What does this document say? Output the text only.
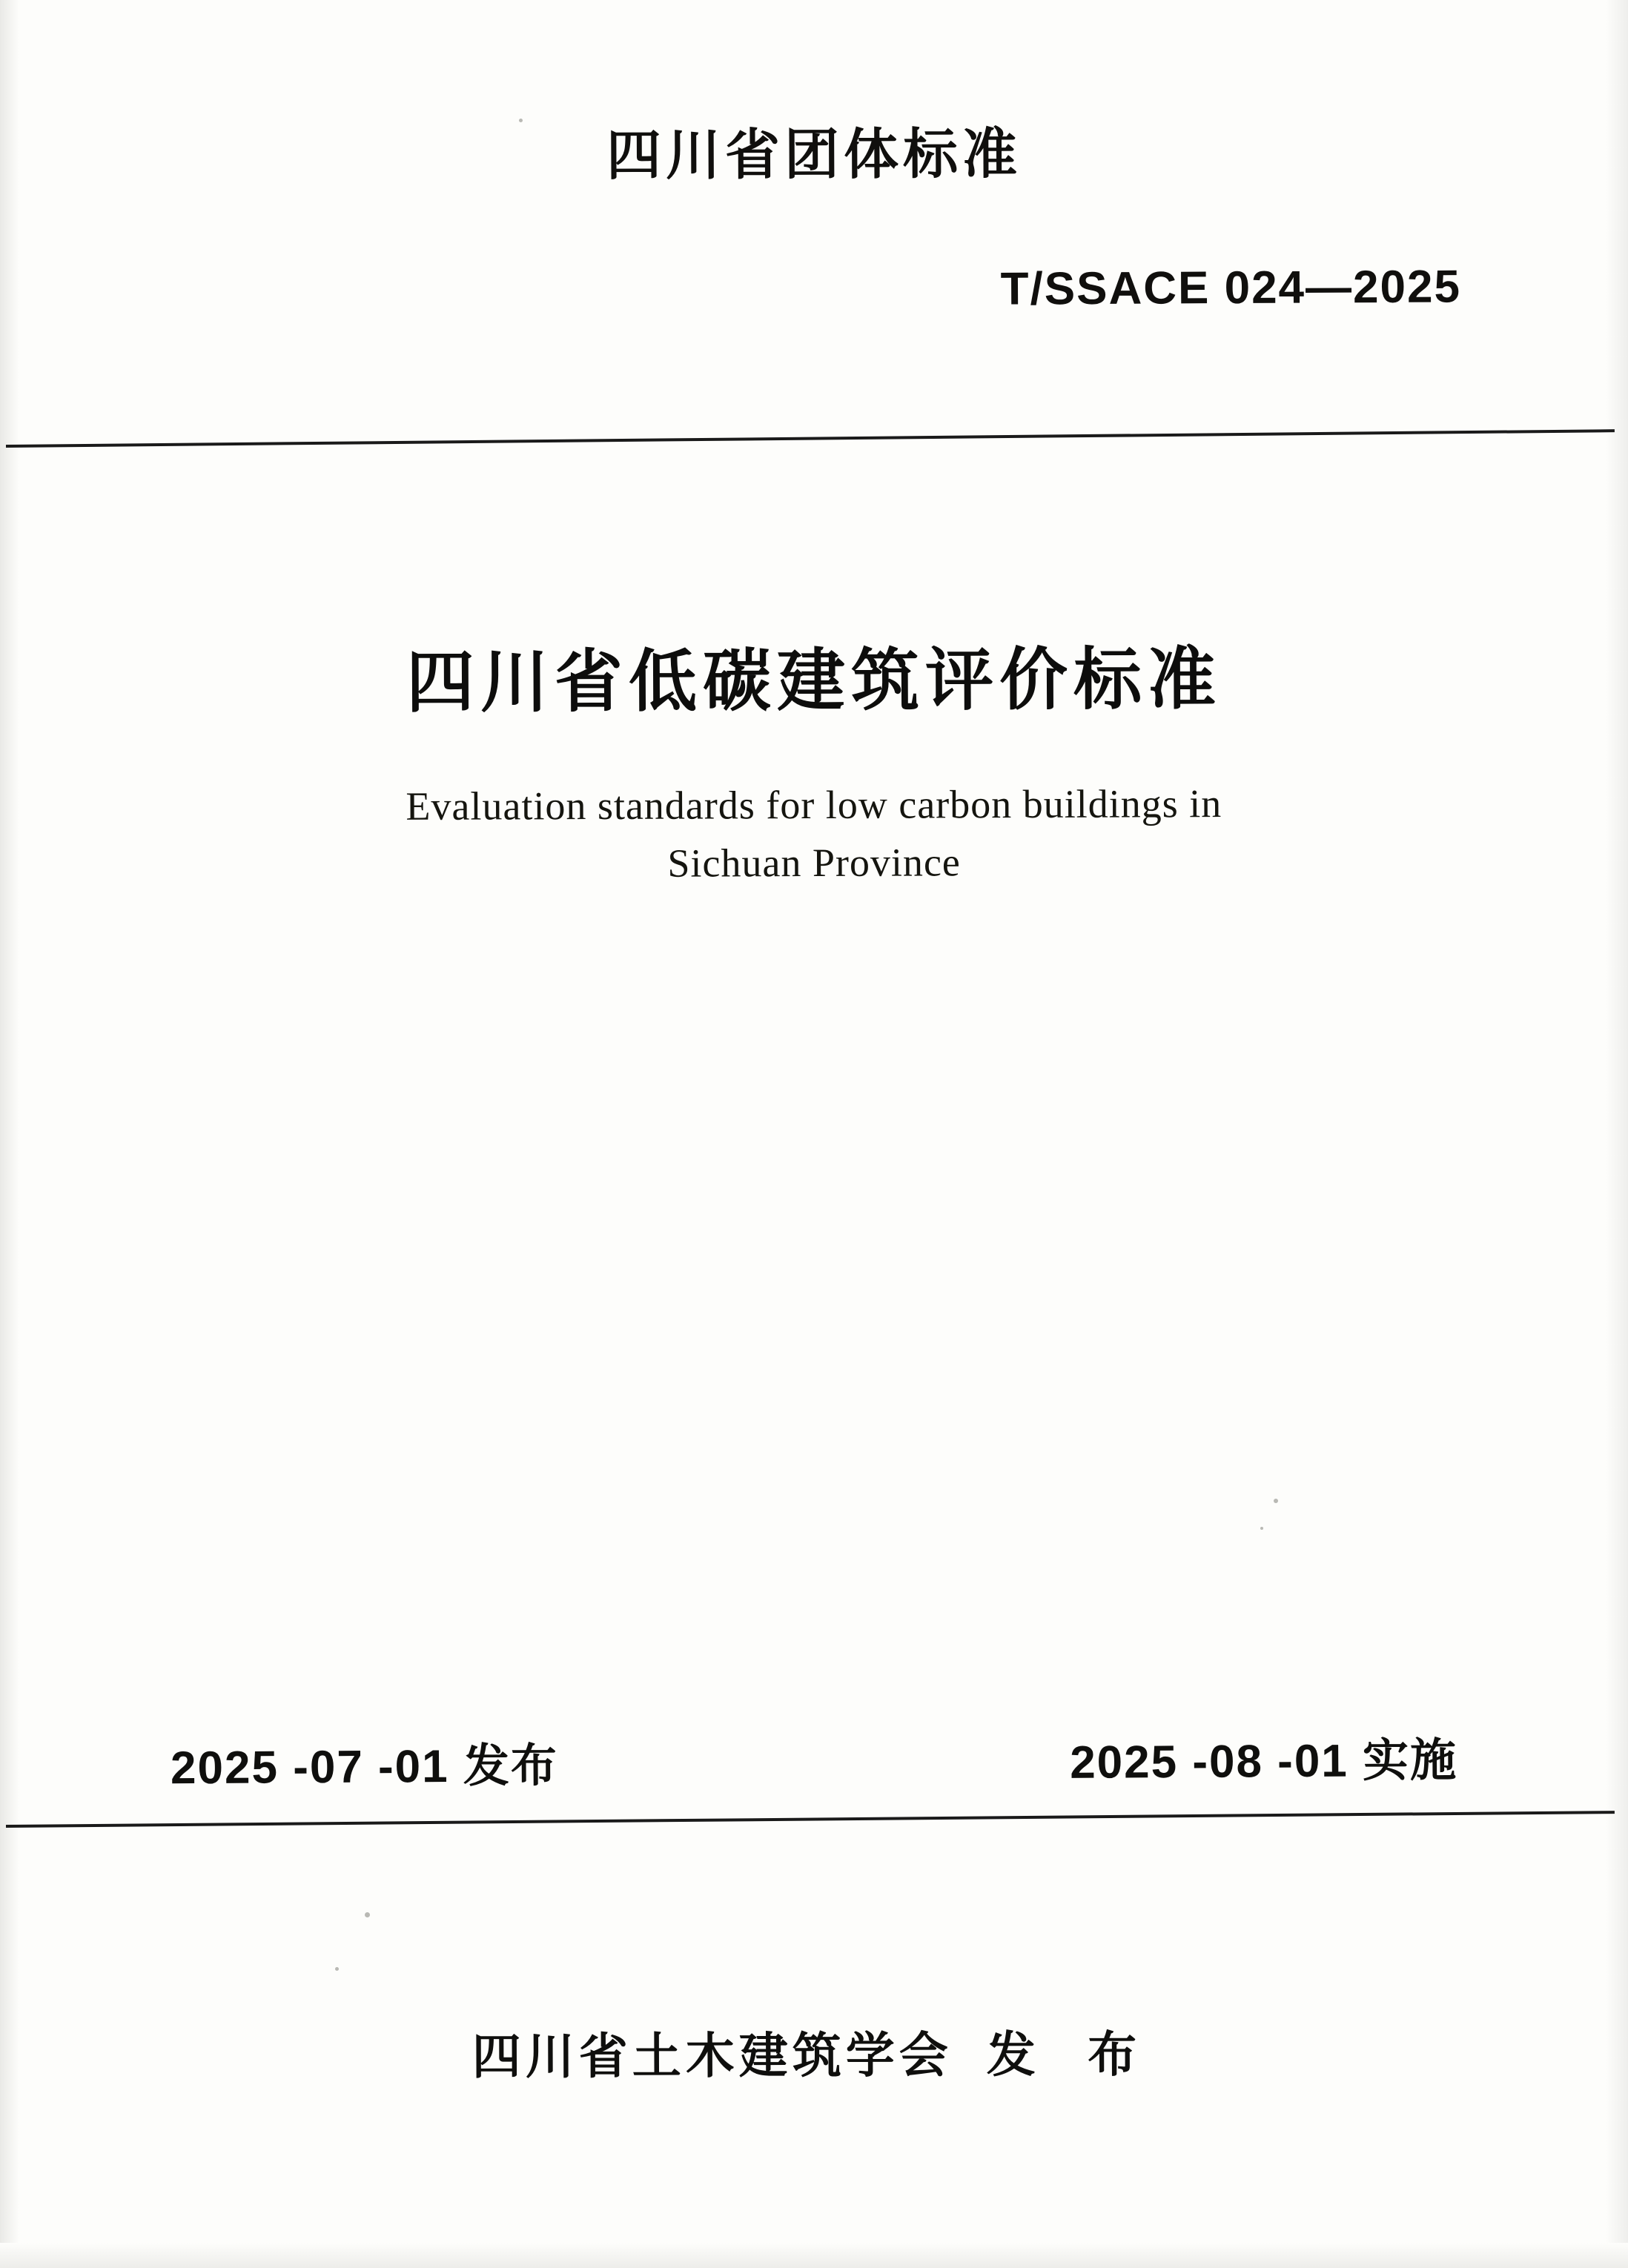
四川省团体标准
T/SSACE 024—2025
四川省低碳建筑评价标准
Evaluation standards for low carbon buildings in
Sichuan Province
2025 -07 -01 发布	2025 -08 -01 实施
四川省土木建筑学会 发 布
